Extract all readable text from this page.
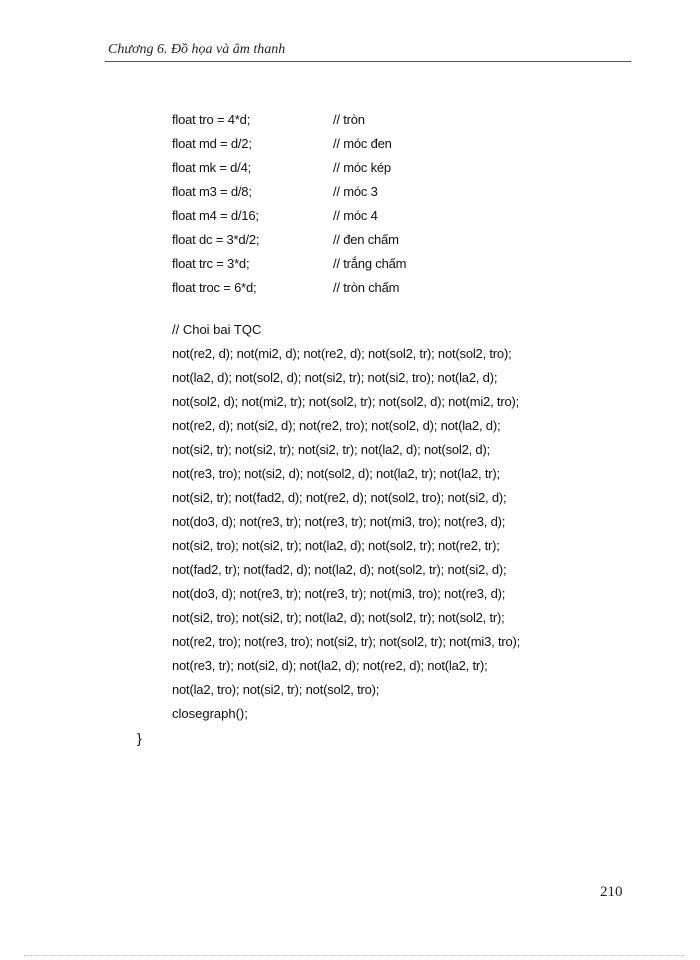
Chương 6. Đồ họa và âm thanh
float tro = 4*d;	// tròn
float md = d/2;	// móc đen
float mk = d/4;	// móc kép
float m3 = d/8;	// móc 3
float m4 = d/16;	// móc 4
float dc = 3*d/2;	// đen chấm
float trc = 3*d;	// trắng chấm
float troc = 6*d;	// tròn chấm
// Choi bai TQC
not(re2, d); not(mi2, d); not(re2, d); not(sol2, tr); not(sol2, tro);
not(la2, d); not(sol2, d); not(si2, tr); not(si2, tro); not(la2, d);
not(sol2, d); not(mi2, tr); not(sol2, tr); not(sol2, d); not(mi2, tro);
not(re2, d); not(si2, d); not(re2, tro); not(sol2, d); not(la2, d);
not(si2, tr); not(si2, tr); not(si2, tr); not(la2, d); not(sol2, d);
not(re3, tro); not(si2, d); not(sol2, d); not(la2, tr); not(la2, tr);
not(si2, tr); not(fad2, d); not(re2, d); not(sol2, tro); not(si2, d);
not(do3, d); not(re3, tr); not(re3, tr); not(mi3, tro); not(re3, d);
not(si2, tro); not(si2, tr); not(la2, d); not(sol2, tr); not(re2, tr);
not(fad2, tr); not(fad2, d); not(la2, d); not(sol2, tr); not(si2, d);
not(do3, d); not(re3, tr); not(re3, tr); not(mi3, tro); not(re3, d);
not(si2, tro); not(si2, tr); not(la2, d); not(sol2, tr); not(sol2, tr);
not(re2, tro); not(re3, tro); not(si2, tr); not(sol2, tr); not(mi3, tro);
not(re3, tr); not(si2, d); not(la2, d); not(re2, d); not(la2, tr);
not(la2, tro); not(si2, tr); not(sol2, tro);
closegraph();
}
210
